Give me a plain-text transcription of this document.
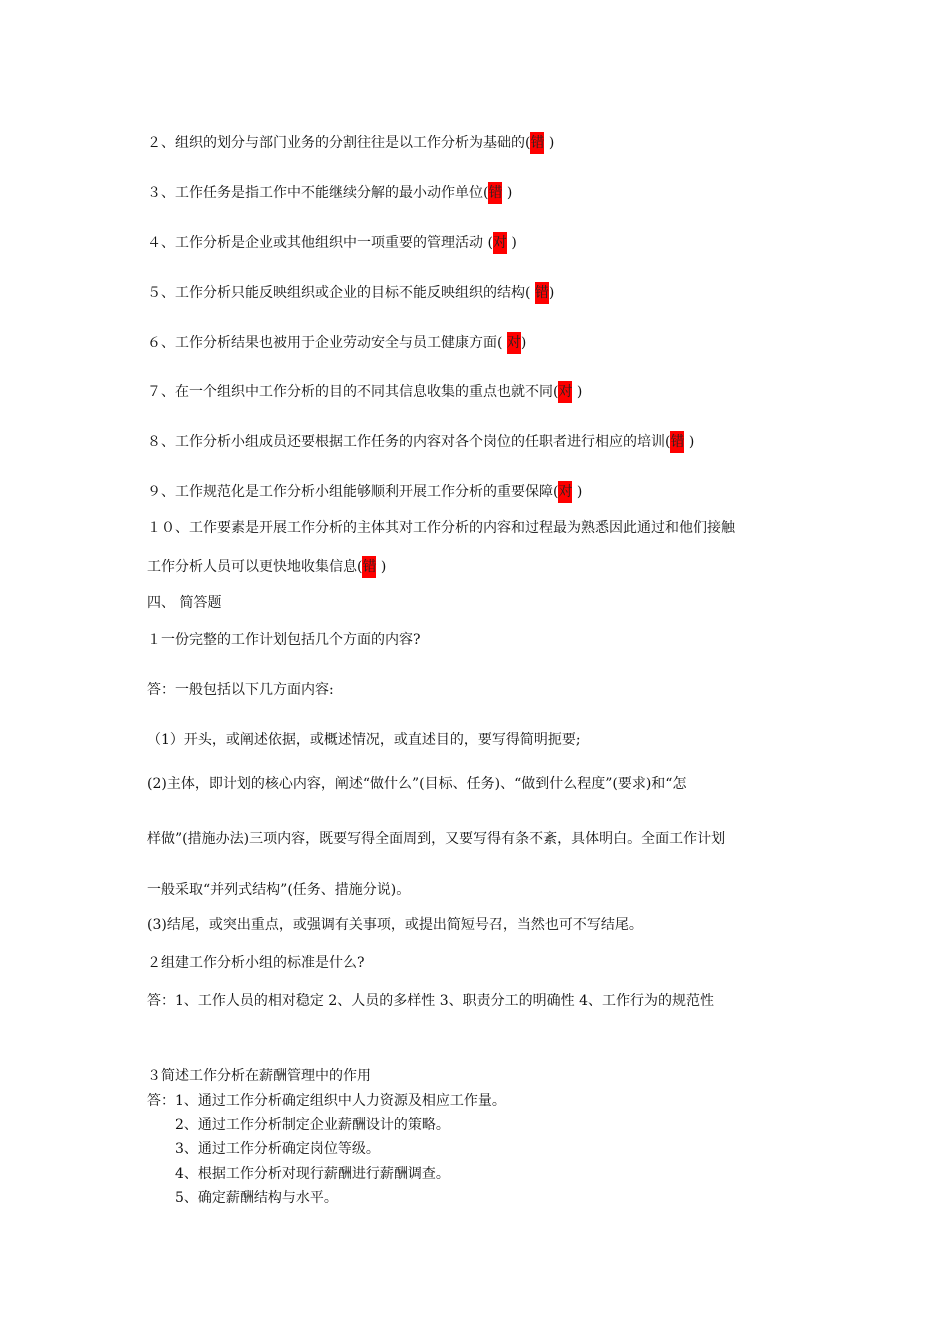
２、组织的划分与部门业务的分割往往是以工作分析为基础的(错 )
３、工作任务是指工作中不能继续分解的最小动作单位(错 )
４、工作分析是企业或其他组织中一项重要的管理活动 (对 )
５、工作分析只能反映组织或企业的目标不能反映组织的结构( 错)
６、工作分析结果也被用于企业劳动安全与员工健康方面( 对)
７、在一个组织中工作分析的目的不同其信息收集的重点也就不同(对 )
８、工作分析小组成员还要根据工作任务的内容对各个岗位的任职者进行相应的培训(错 )
９、工作规范化是工作分析小组能够顺利开展工作分析的重要保障(对 )
１０、工作要素是开展工作分析的主体其对工作分析的内容和过程最为熟悉因此通过和他们接触
工作分析人员可以更快地收集信息(错 )
四、 简答题
１一份完整的工作计划包括几个方面的内容?
答：一般包括以下几方面内容:
（1）开头，或阐述依据，或概述情况，或直述目的，要写得简明扼要;
(2)主体，即计划的核心内容，阐述“做什么”(目标、任务)、“做到什么程度”(要求)和“怎
样做”(措施办法)三项内容，既要写得全面周到，又要写得有条不紊，具体明白。全面工作计划
一般采取“并列式结构”(任务、措施分说)。
(3)结尾，或突出重点，或强调有关事项，或提出简短号召，当然也可不写结尾。
２组建工作分析小组的标准是什么?
答：1、工作人员的相对稳定 2、人员的多样性 3、职责分工的明确性 4、工作行为的规范性
３简述工作分析在薪酬管理中的作用
答：1、通过工作分析确定组织中人力资源及相应工作量。
2、通过工作分析制定企业薪酬设计的策略。
3、通过工作分析确定岗位等级。
4、根据工作分析对现行薪酬进行薪酬调查。
5、确定薪酬结构与水平。
